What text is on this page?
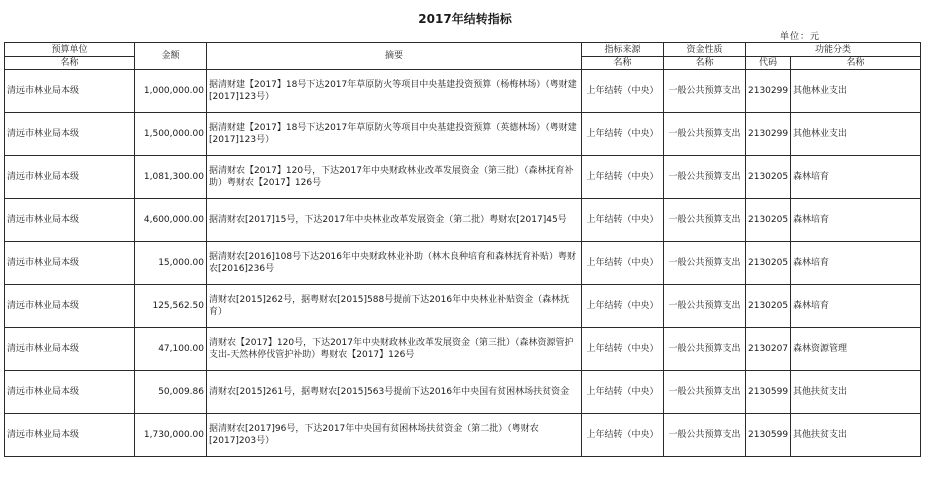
2017年结转指标
单位：元
预算单位	金额	摘要	指标来源	资金性质	功能分类	
名称			名称	名称	代码	名称
清远市林业局本级	1,000,000.00	据清财建【2017】18号下达2017年草原防火等项目中央基建投资预算（杨梅林场）（粤财建[2017]123号）	上年结转（中央）	一般公共预算支出	2130299	其他林业支出
清远市林业局本级	1,500,000.00	据清财建【2017】18号下达2017年草原防火等项目中央基建投资预算（英德林场）（粤财建[2017]123号）	上年结转（中央）	一般公共预算支出	2130299	其他林业支出
清远市林业局本级	1,081,300.00	据清财农【2017】120号，下达2017年中央财政林业改革发展资金（第三批）（森林抚育补助）粤财农【2017】126号	上年结转（中央）	一般公共预算支出	2130205	森林培育
清远市林业局本级	4,600,000.00	据清财农[2017]15号，下达2017年中央林业改革发展资金（第二批）粤财农[2017]45号	上年结转（中央）	一般公共预算支出	2130205	森林培育
清远市林业局本级	15,000.00	据清财农[2016]108号下达2016年中央财政林业补助（林木良种培育和森林抚育补贴）粤财农[2016]236号	上年结转（中央）	一般公共预算支出	2130205	森林培育
清远市林业局本级	125,562.50	清财农[2015]262号，据粤财农[2015]588号提前下达2016年中央林业补贴资金（森林抚育）	上年结转（中央）	一般公共预算支出	2130205	森林培育
清远市林业局本级	47,100.00	清财农【2017】120号，下达2017年中央财政林业改革发展资金（第三批）（森林资源管护支出-天然林停伐管护补助）粤财农【2017】126号	上年结转（中央）	一般公共预算支出	2130207	森林资源管理
清远市林业局本级	50,009.86	清财农[2015]261号，据粤财农[2015]563号提前下达2016年中央国有贫困林场扶贫资金	上年结转（中央）	一般公共预算支出	2130599	其他扶贫支出
清远市林业局本级	1,730,000.00	据清财农[2017]96号，下达2017年中央国有贫困林场扶贫资金（第二批）（粤财农[2017]203号）	上年结转（中央）	一般公共预算支出	2130599	其他扶贫支出
